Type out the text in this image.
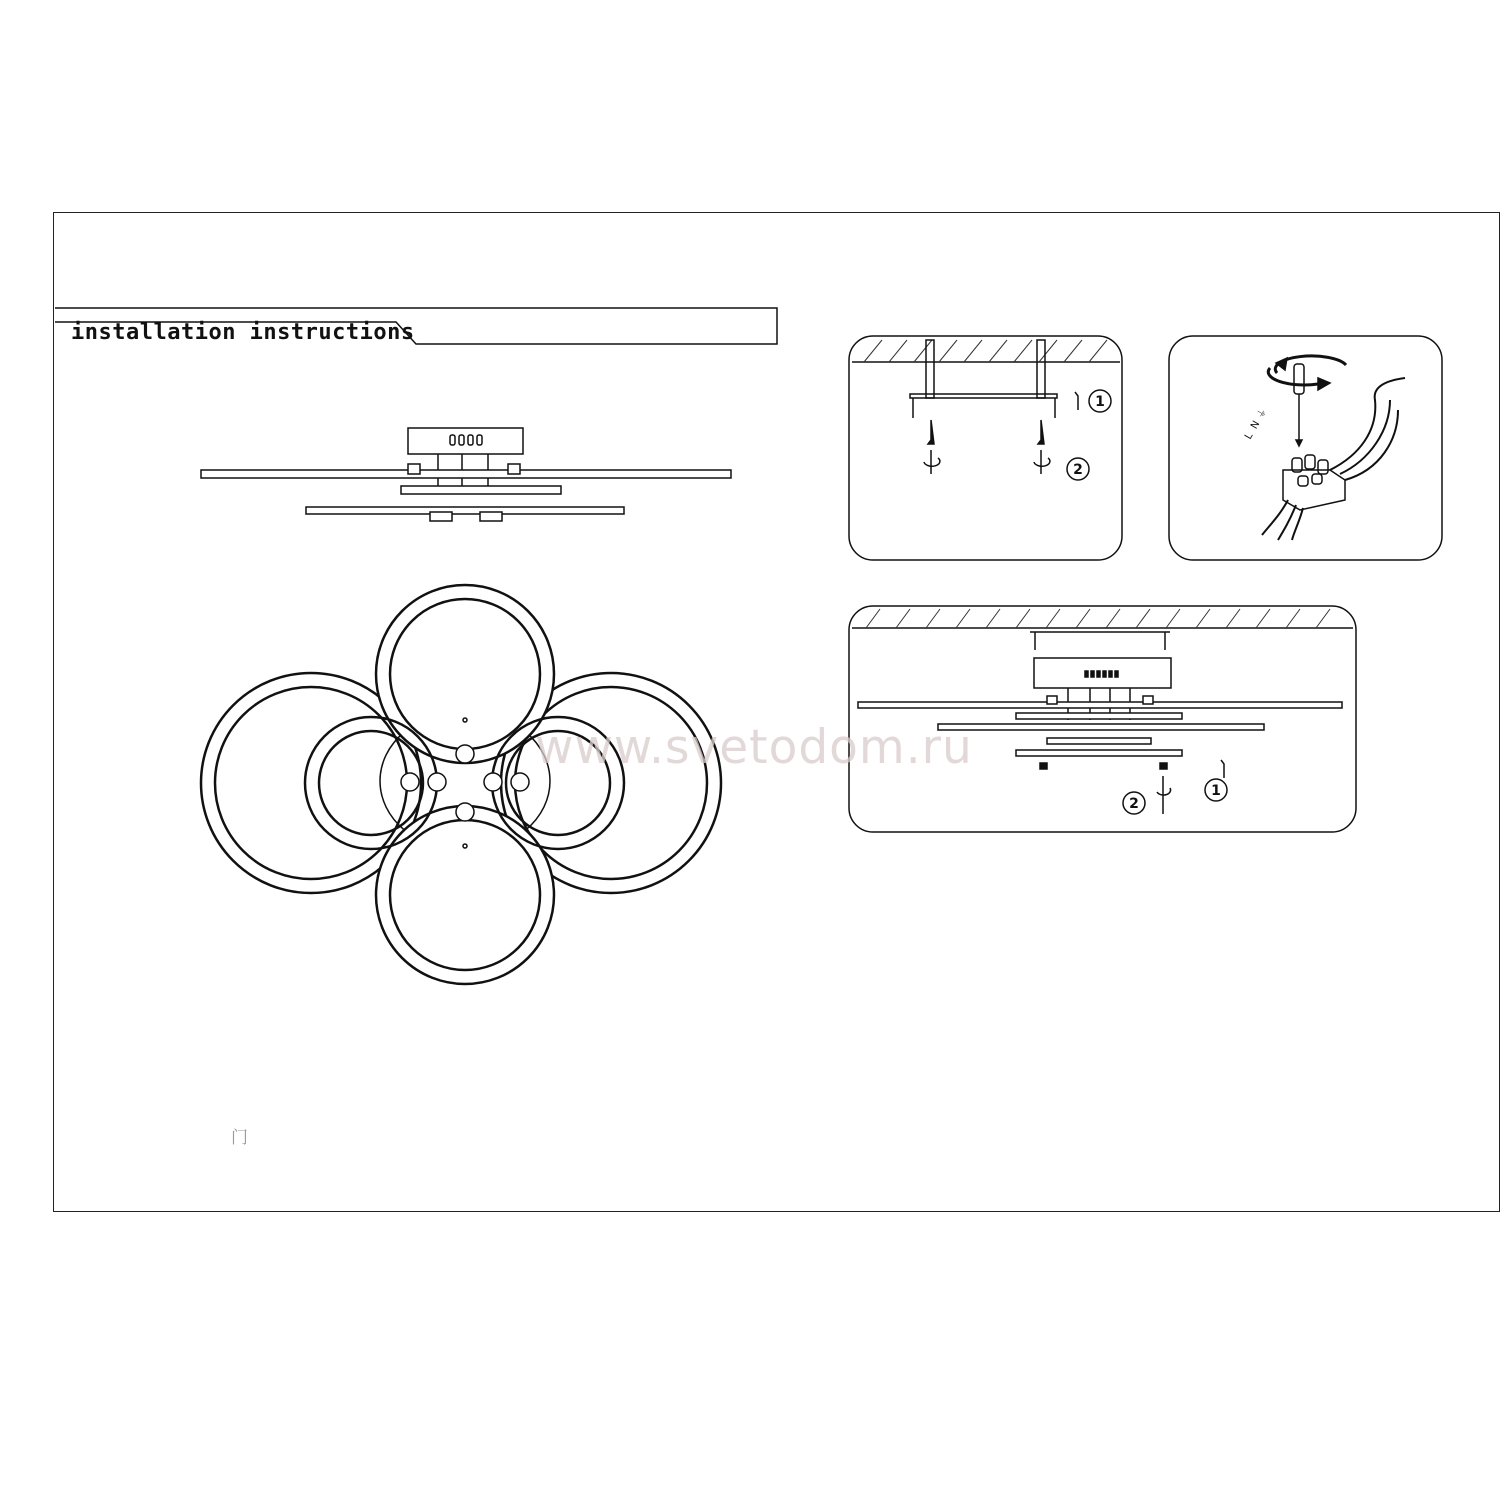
installation instructions
1
2
L
N
⏚
1
2
www.svetodom.ru
门
